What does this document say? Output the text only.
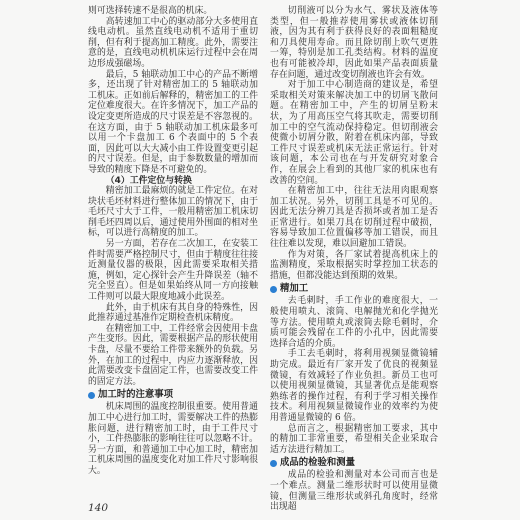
则可选择转速不是很高的机床。

高转速加工中心的驱动部分大多使用直线电动机。虽然直线电动机不适用于重切削，但有利于提高加工精度。此外，需要注意的是，直线电动机机床运行过程中会在周边形成强磁场。

最后，5 轴联动加工中心的产品不断增多，还出现了针对精密加工的 5 轴联动加工机床。正如前后解释的，精密加工的工件定位难度很大。在许多情况下，加工产品的设定变更所造成的尺寸误差是不容忽视的。在这方面，由于 5 轴联动加工机床最多可以用一个卡盘加工 6 个表面中的 5 个表面，因此可以大大减小由工件设置变更引起的尺寸误差。但是，由于参数数量的增加而导致的精度下降是不可避免的。

（4）工件定位与转换

精密加工最麻烦的就是工件定位。在对块状毛坯材料进行整体加工的情况下，由于毛坯尺寸大于工件，一般用精密加工机床切削毛坯四周以后，通过使用外围面的相对坐标，可以进行高精度的加工。

另一方面，若存在二次加工，在安装工件时需要严格控制尺寸，但由于精度往往接近测量仪器的极限，因此需要采取相关措施，例如，定心探针会产生升降误差（轴不完全竖直）。但是如果始终从同一方向接触工件则可以最大限度地减小此误差。

此外，由于机床有其自身的特殊性，因此推荐通过基准作定期检查机床精度。

在精密加工中，工件经常会因使用卡盘产生变形。因此，需要根据产品的形状使用卡盘，尽量不要给工件带来额外的负载。另外，在加工的过程中，内应力逐渐释放，因此需要改变卡盘固定工件，也需要改变工件的固定方法。

加工时的注意事项

机床周围的温度控制很重要。使用普通加工中心进行加工时，需要解决工件的热膨胀问题，进行精密加工时，由于工件尺寸小，工件热膨胀的影响往往可以忽略不计。另一方面，和普通加工中心加工时，精密加工机床周围的温度变化对加工件尺寸影响很大。

切削液可以分为水气、雾状及液体等类型，但一般推荐使用雾状或液体切削液，因为其有利于获得良好的表面粗糙度和刀具使用寿命。而且除切削上吹气更胜一筹，特别是加工孔类结构。材料的温度也有可能被冷却，因此如果产品表面质量存在问题，通过改变切削液也许会有效。

对于加工中心制造商的建议是，希望采取相关对策来解决加工中的切屑飞散问题。在精密加工中，产生的切屑呈粉末状，为了用高压空气将其吹走，需要切削加工中的空气流动保持稳定。但切削液会使微小切屑分散，附着在机床内部，导致工件尺寸误差或机床无法正常运行。针对该问题，本公司也在与开发研究对象合作，在展会上看到的其他厂家的机床也有改善的空间。

在精密加工中，往往无法用肉眼观察加工状况。另外，切削工具是不可见的。因此无法分辨刀具是否损坏或者加工是否正常进行。如果刀具在切削过程中破损，容易导致加工位置偏移等加工错误，而且往往难以发现，难以回避加工错误。

作为对策，各厂家试着提高机床上的监测精度，采取根据实时掌控加工状态的措施，但都没能达到预期的效果。

精加工

去毛刺时，手工作业的难度很大，一般使用喷丸、滚筒、电解抛光和化学抛光等方法。使用喷丸或滚筒去除毛刺时，介质可能会残留在工件的小孔中，因此需要选择合适的介质。

手工去毛刺时，将利用视频显微镜辅助完成。最近有厂家开发了优良的视频显微镜，有效减轻了作业负担。新员工也可以使用视频显微镜，其显著优点是能观察熟练者的操作过程，有利于学习相关操作技术。利用视频显微镜作业的效率约为使用普通显微镜的 6 倍。

总而言之，根据精密加工要求，其中的精加工非常重要，希望相关企业采取合适方法进行精加工。

成品的检验和测量

成品的检验和测量对本公司而言也是一个难点。测量二维形状时可以使用显微镜，但测量三维形状或斜孔角度时，经常出现超

140
